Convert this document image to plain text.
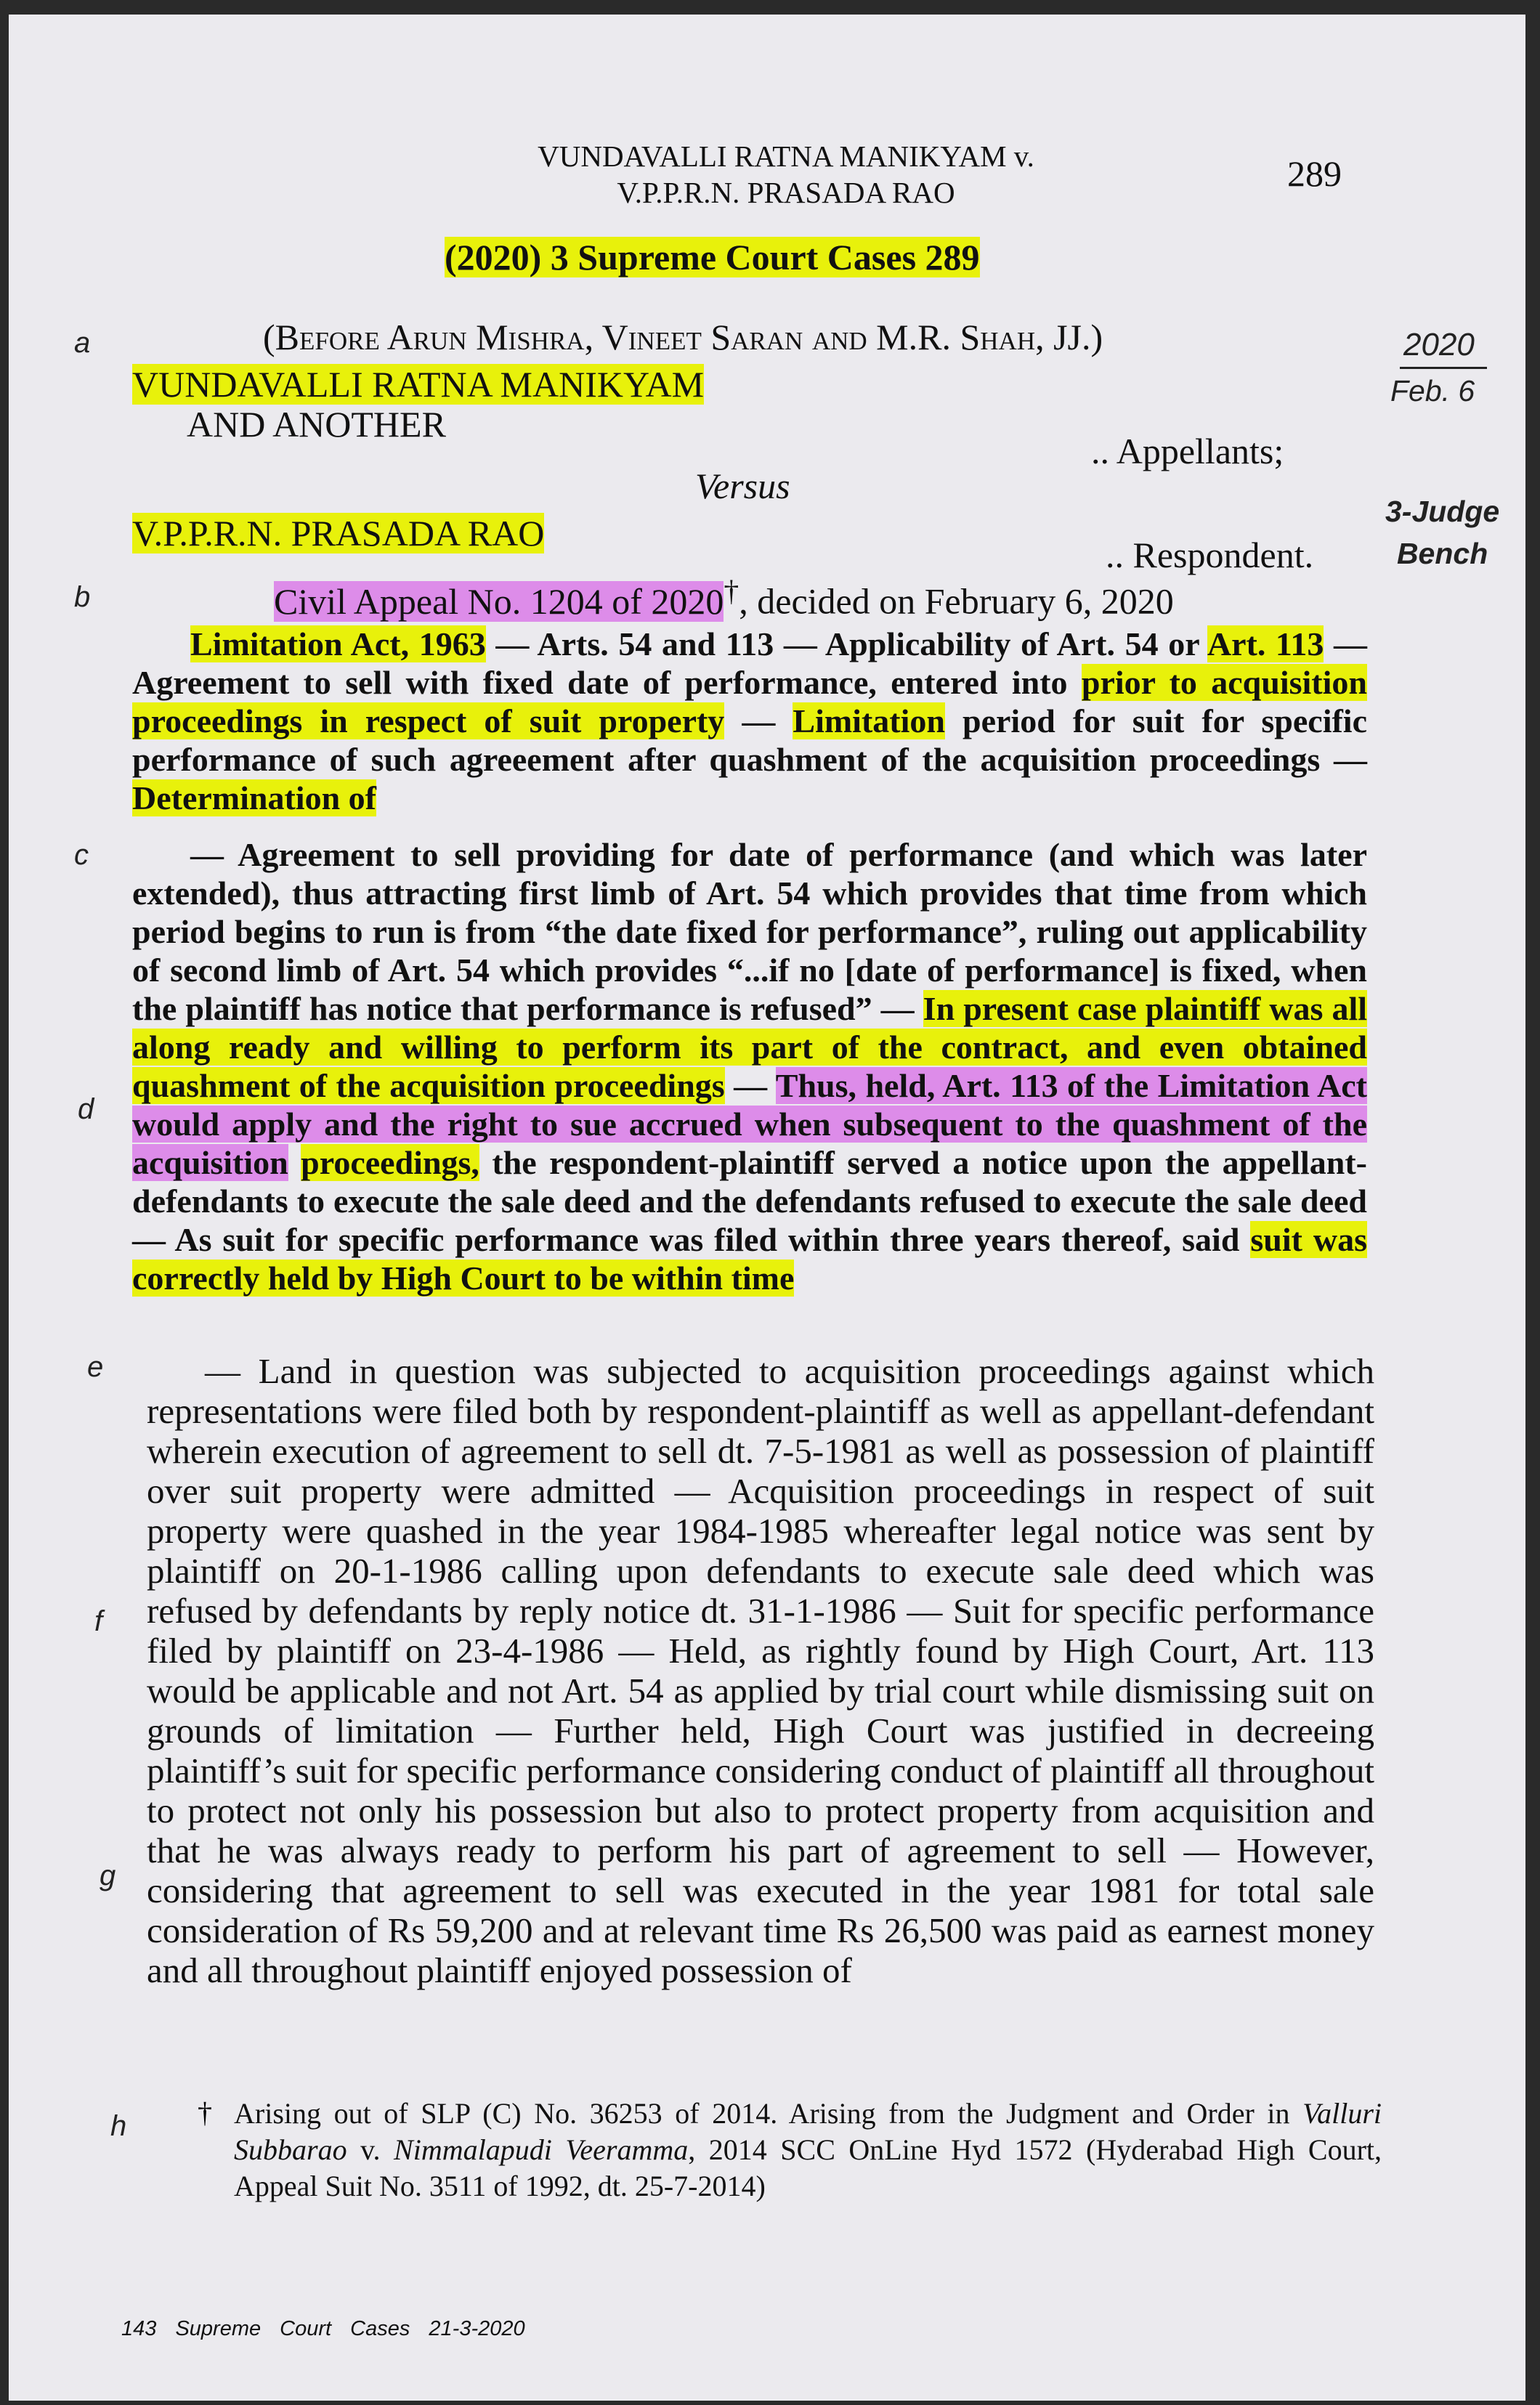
VUNDAVALLI RATNA MANIKYAM v.
V.P.P.R.N. PRASADA RAO	289
(2020) 3 Supreme Court Cases 289
(Before Arun Mishra, Vineet Saran and M.R. Shah, JJ.)	2020
Feb. 6
3-Judge
Bench
VUNDAVALLI RATNA MANIKYAM
AND ANOTHER
.. Appellants;
Versus
V.P.P.R.N. PRASADA RAO
.. Respondent.
Civil Appeal No. 1204 of 2020†, decided on February 6, 2020
a
b
c
d
e
f
g
h
Limitation Act, 1963 — Arts. 54 and 113 — Applicability of Art. 54 or Art. 113 — Agreement to sell with fixed date of performance, entered into prior to acquisition proceedings in respect of suit property — Limitation period for suit for specific performance of such agreeement after quashment of the acquisition proceedings — Determination of
— Agreement to sell providing for date of performance (and which was later extended), thus attracting first limb of Art. 54 which provides that time from which period begins to run is from “the date fixed for performance”, ruling out applicability of second limb of Art. 54 which provides “...if no [date of performance] is fixed, when the plaintiff has notice that performance is refused” — In present case plaintiff was all along ready and willing to perform its part of the contract, and even obtained quashment of the acquisition proceedings — Thus, held, Art. 113 of the Limitation Act would apply and the right to sue accrued when subsequent to the quashment of the acquisition proceedings, the respondent-plaintiff served a notice upon the appellant-defendants to execute the sale deed and the defendants refused to execute the sale deed — As suit for specific performance was filed within three years thereof, said suit was correctly held by High Court to be within time
— Land in question was subjected to acquisition proceedings against which representations were filed both by respondent-plaintiff as well as appellant-defendant wherein execution of agreement to sell dt. 7-5-1981 as well as possession of plaintiff over suit property were admitted — Acquisition proceedings in respect of suit property were quashed in the year 1984-1985 whereafter legal notice was sent by plaintiff on 20-1-1986 calling upon defendants to execute sale deed which was refused by defendants by reply notice dt. 31-1-1986 — Suit for specific performance filed by plaintiff on 23-4-1986 — Held, as rightly found by High Court, Art. 113 would be applicable and not Art. 54 as applied by trial court while dismissing suit on grounds of limitation — Further held, High Court was justified in decreeing plaintiff’s suit for specific performance considering conduct of plaintiff all throughout to protect not only his possession but also to protect property from acquisition and that he was always ready to perform his part of agreement to sell — However, considering that agreement to sell was executed in the year 1981 for total sale consideration of Rs 59,200 and at relevant time Rs 26,500 was paid as earnest money and all throughout plaintiff enjoyed possession of
† Arising out of SLP (C) No. 36253 of 2014. Arising from the Judgment and Order in Valluri Subbarao v. Nimmalapudi Veeramma, 2014 SCC OnLine Hyd 1572 (Hyderabad High Court, Appeal Suit No. 3511 of 1992, dt. 25-7-2014)
143 Supreme Court Cases 21-3-2020
